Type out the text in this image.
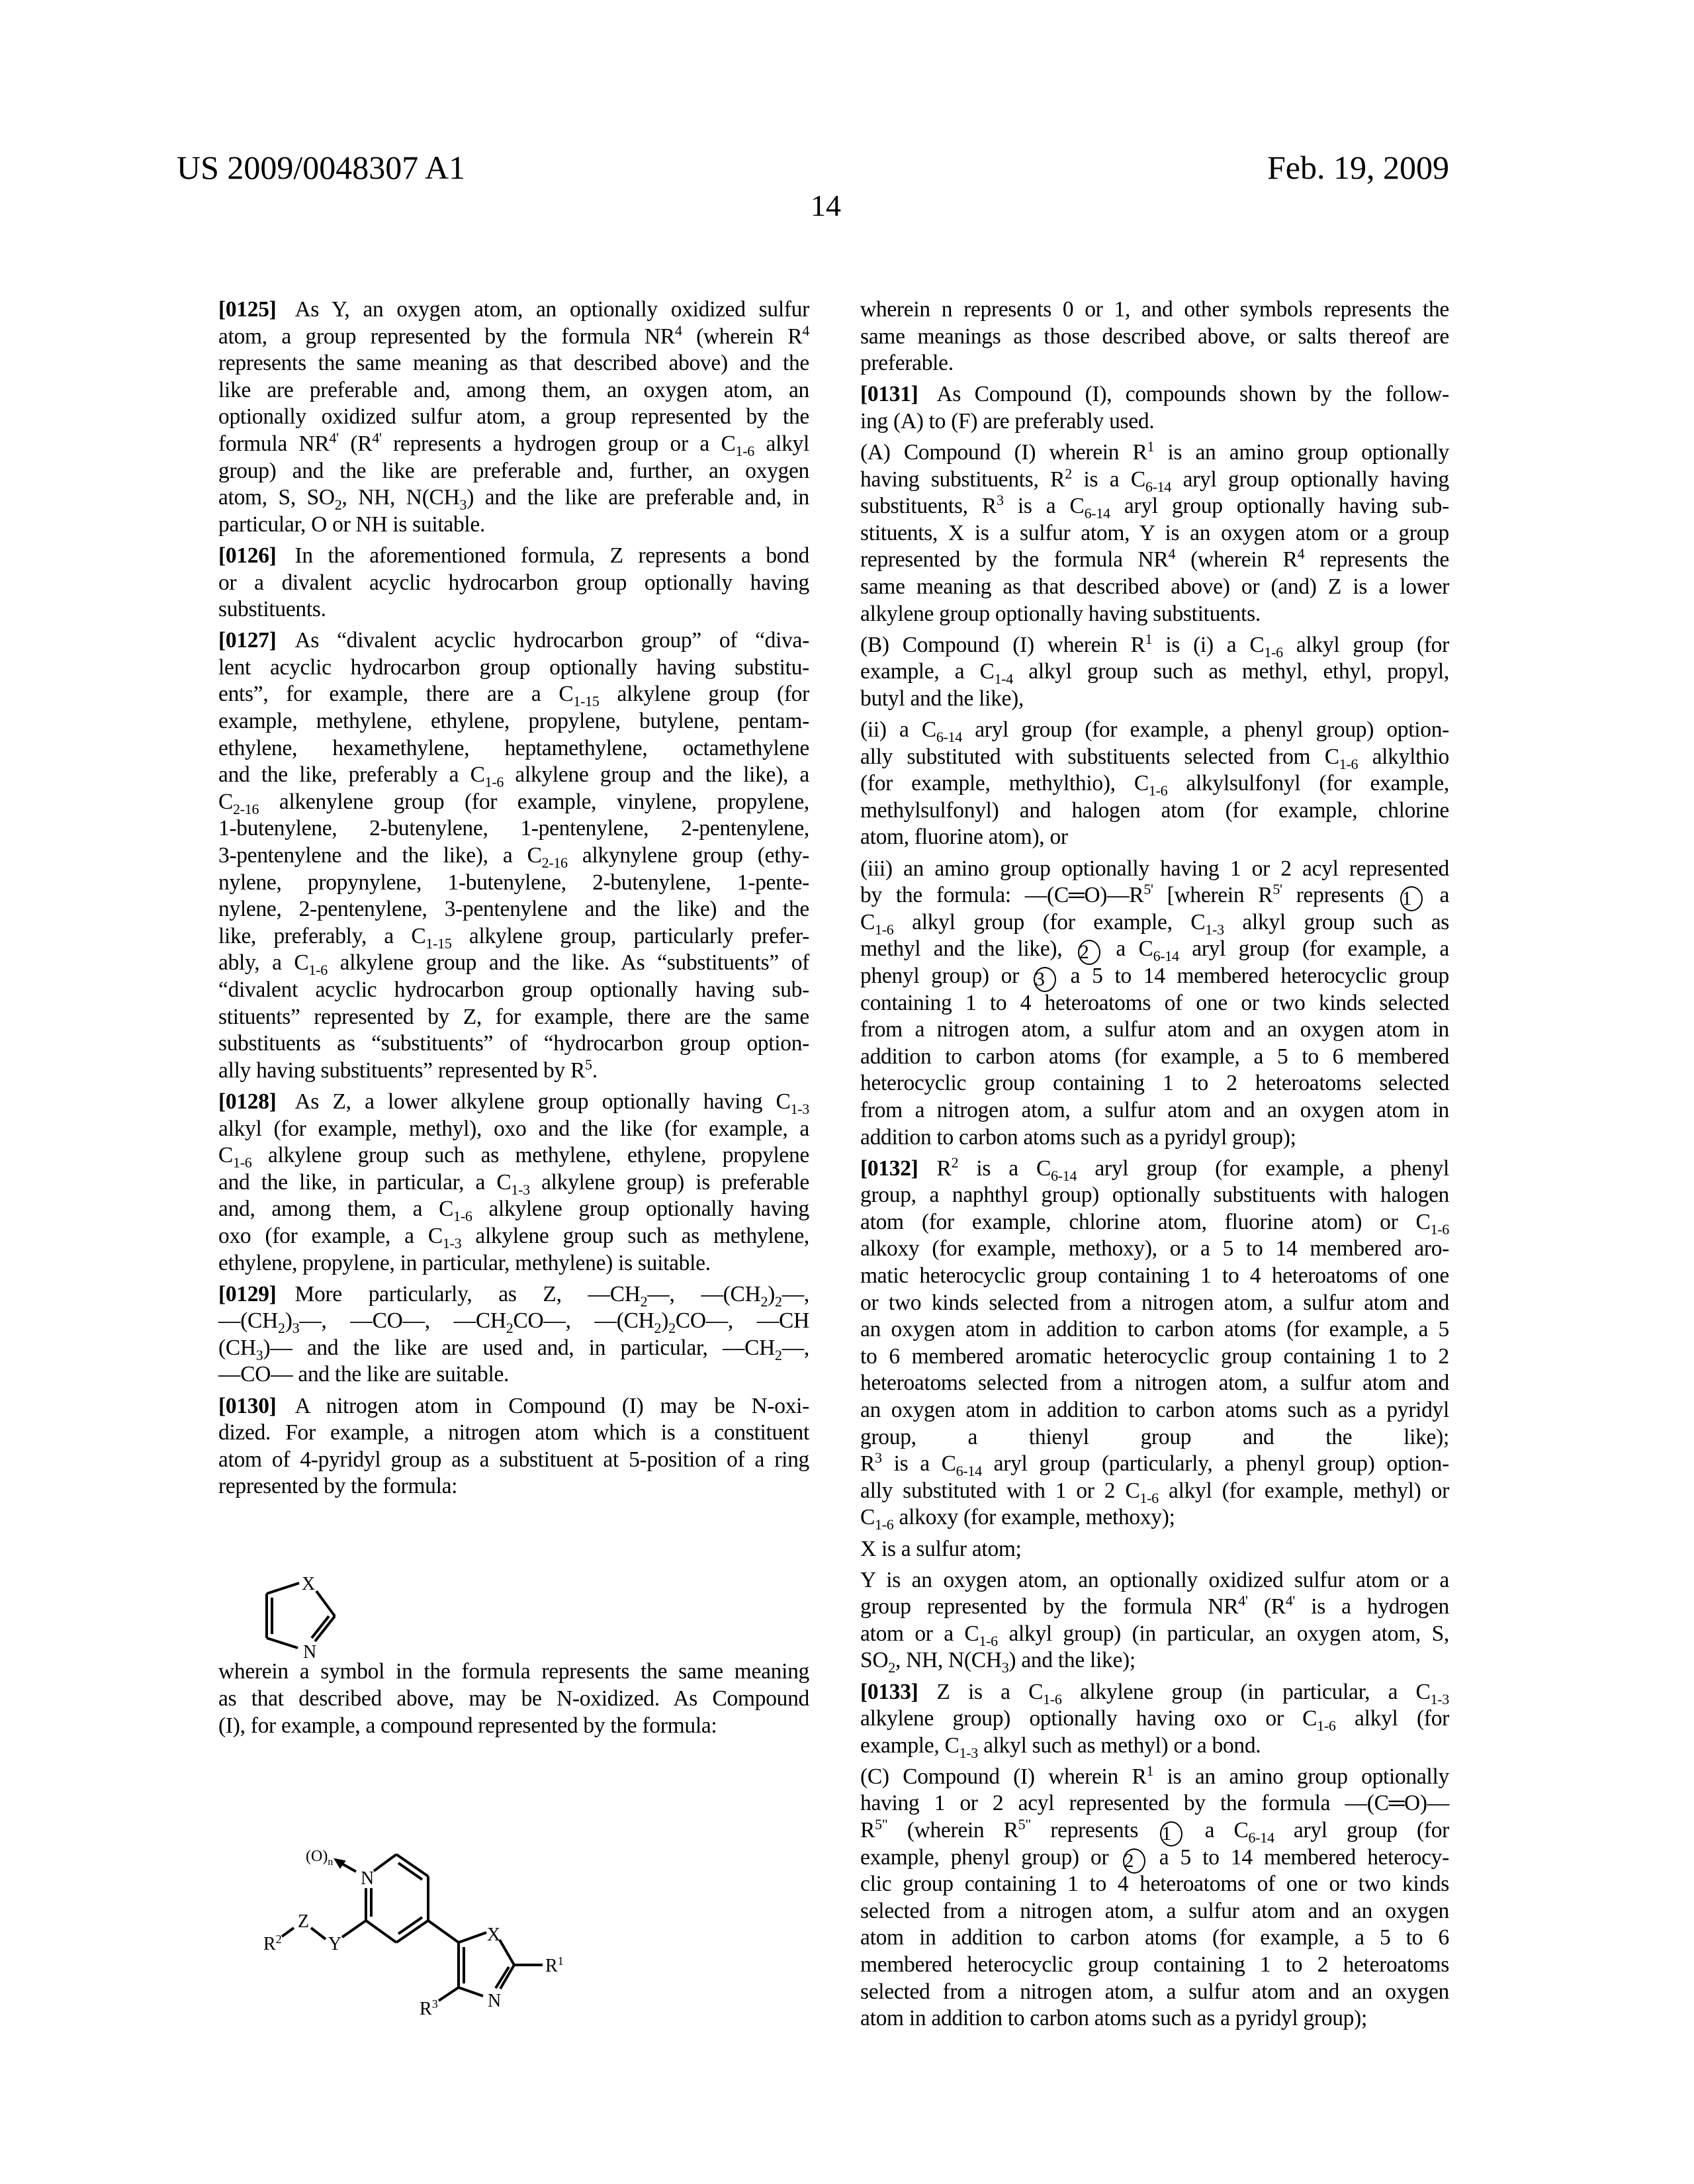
US 2009/0048307 A1	Feb. 19, 2009
14
[0125] As Y, an oxygen atom, an optionally oxidized sulfur
atom, a group represented by the formula $NR^4$ (wherein $R^4$
represents the same meaning as that described above) and the
like are preferable and, among them, an oxygen atom, an
optionally oxidized sulfur atom, a group represented by the
formula $NR^{4'}$ ($R^{4'}$ represents a hydrogen group or a $C_{1-6}$ alkyl
group) and the like are preferable and, further, an oxygen
atom, S, $SO_2$, NH, $N(CH_3)$ and the like are preferable and, in
particular, O or NH is suitable.
[0126] In the aforementioned formula, Z represents a bond
or a divalent acyclic hydrocarbon group optionally having
substituents.
[0127] As “divalent acyclic hydrocarbon group” of “diva-
lent acyclic hydrocarbon group optionally having substitu-
ents”, for example, there are a $C_{1-15}$ alkylene group (for
example, methylene, ethylene, propylene, butylene, pentam-
ethylene, hexamethylene, heptamethylene, octamethylene
and the like, preferably a $C_{1-6}$ alkylene group and the like), a
$C_{2-16}$ alkenylene group (for example, vinylene, propylene,
1-butenylene, 2-butenylene, 1-pentenylene, 2-pentenylene,
3-pentenylene and the like), a $C_{2-16}$ alkynylene group (ethy-
nylene, propynylene, 1-butenylene, 2-butenylene, 1-pente-
nylene, 2-pentenylene, 3-pentenylene and the like) and the
like, preferably, a $C_{1-15}$ alkylene group, particularly prefer-
ably, a $C_{1-6}$ alkylene group and the like. As “substituents” of
“divalent acyclic hydrocarbon group optionally having sub-
stituents” represented by Z, for example, there are the same
substituents as “substituents” of “hydrocarbon group option-
ally having substituents” represented by $R^5$.
[0128] As Z, a lower alkylene group optionally having $C_{1-3}$
alkyl (for example, methyl), oxo and the like (for example, a
$C_{1-6}$ alkylene group such as methylene, ethylene, propylene
and the like, in particular, a $C_{1-3}$ alkylene group) is preferable
and, among them, a $C_{1-6}$ alkylene group optionally having
oxo (for example, a $C_{1-3}$ alkylene group such as methylene,
ethylene, propylene, in particular, methylene) is suitable.
[0129] More particularly, as Z, $—CH_2—$, $—(CH_2)_2—$,
$—(CH_2)_3—$, —CO—, $—CH_2CO—$, $—(CH_2)_2CO—$, —CH
$(CH_3)—$ and the like are used and, in particular, $—CH_2—$,
—CO— and the like are suitable.
[0130] A nitrogen atom in Compound (I) may be N-oxi-
dized. For example, a nitrogen atom which is a constituent
atom of 4-pyridyl group as a substituent at 5-position of a ring
represented by the formula:
wherein a symbol in the formula represents the same meaning
as that described above, may be N-oxidized. As Compound
(I), for example, a compound represented by the formula:
wherein n represents 0 or 1, and other symbols represents the
same meanings as those described above, or salts thereof are
preferable.
[0131] As Compound (I), compounds shown by the follow-
ing (A) to (F) are preferably used.
(A) Compound (I) wherein $R^1$ is an amino group optionally
having substituents, $R^2$ is a $C_{6-14}$ aryl group optionally having
substituents, $R^3$ is a $C_{6-14}$ aryl group optionally having sub-
stituents, X is a sulfur atom, Y is an oxygen atom or a group
represented by the formula $NR^4$ (wherein $R^4$ represents the
same meaning as that described above) or (and) Z is a lower
alkylene group optionally having substituents.
(B) Compound (I) wherein $R^1$ is (i) a $C_{1-6}$ alkyl group (for
example, a $C_{1-4}$ alkyl group such as methyl, ethyl, propyl,
butyl and the like),
(ii) a $C_{6-14}$ aryl group (for example, a phenyl group) option-
ally substituted with substituents selected from $C_{1-6}$ alkylthio
(for example, methylthio), $C_{1-6}$ alkylsulfonyl (for example,
methylsulfonyl) and halogen atom (for example, chlorine
atom, fluorine atom), or
(iii) an amino group optionally having 1 or 2 acyl represented
by the formula: $—(C═O)—R^{5'}$ [wherein $R^{5'}$ represents 1 a
$C_{1-6}$ alkyl group (for example, $C_{1-3}$ alkyl group such as
methyl and the like), 2 a $C_{6-14}$ aryl group (for example, a
phenyl group) or 3 a 5 to 14 membered heterocyclic group
containing 1 to 4 heteroatoms of one or two kinds selected
from a nitrogen atom, a sulfur atom and an oxygen atom in
addition to carbon atoms (for example, a 5 to 6 membered
heterocyclic group containing 1 to 2 heteroatoms selected
from a nitrogen atom, a sulfur atom and an oxygen atom in
addition to carbon atoms such as a pyridyl group);
[0132] $R^2$ is a $C_{6-14}$ aryl group (for example, a phenyl
group, a naphthyl group) optionally substituents with halogen
atom (for example, chlorine atom, fluorine atom) or $C_{1-6}$
alkoxy (for example, methoxy), or a 5 to 14 membered aro-
matic heterocyclic group containing 1 to 4 heteroatoms of one
or two kinds selected from a nitrogen atom, a sulfur atom and
an oxygen atom in addition to carbon atoms (for example, a 5
to 6 membered aromatic heterocyclic group containing 1 to 2
heteroatoms selected from a nitrogen atom, a sulfur atom and
an oxygen atom in addition to carbon atoms such as a pyridyl
group, a thienyl group and the like);
$R^3$ is a $C_{6-14}$ aryl group (particularly, a phenyl group) option-
ally substituted with 1 or 2 $C_{1-6}$ alkyl (for example, methyl) or
$C_{1-6}$ alkoxy (for example, methoxy);
X is a sulfur atom;
Y is an oxygen atom, an optionally oxidized sulfur atom or a
group represented by the formula $NR^{4'}$ ($R^{4'}$ is a hydrogen
atom or a $C_{1-6}$ alkyl group) (in particular, an oxygen atom, S,
$SO_2$, NH, $N(CH_3)$ and the like);
[0133] Z is a $C_{1-6}$ alkylene group (in particular, a $C_{1-3}$
alkylene group) optionally having oxo or $C_{1-6}$ alkyl (for
example, $C_{1-3}$ alkyl such as methyl) or a bond.
(C) Compound (I) wherein $R^1$ is an amino group optionally
having 1 or 2 acyl represented by the formula —(C═O)—
$R^{5"}$ (wherein $R^{5"}$ represents 1 a $C_{6-14}$ aryl group (for
example, phenyl group) or 2 a 5 to 14 membered heterocy-
clic group containing 1 to 4 heteroatoms of one or two kinds
selected from a nitrogen atom, a sulfur atom and an oxygen
atom in addition to carbon atoms (for example, a 5 to 6
membered heterocyclic group containing 1 to 2 heteroatoms
selected from a nitrogen atom, a sulfur atom and an oxygen
atom in addition to carbon atoms such as a pyridyl group);
X
N
$(O)_n$
N
Z
Y
$R^2$	X
N
$R^1$
$R^3$
